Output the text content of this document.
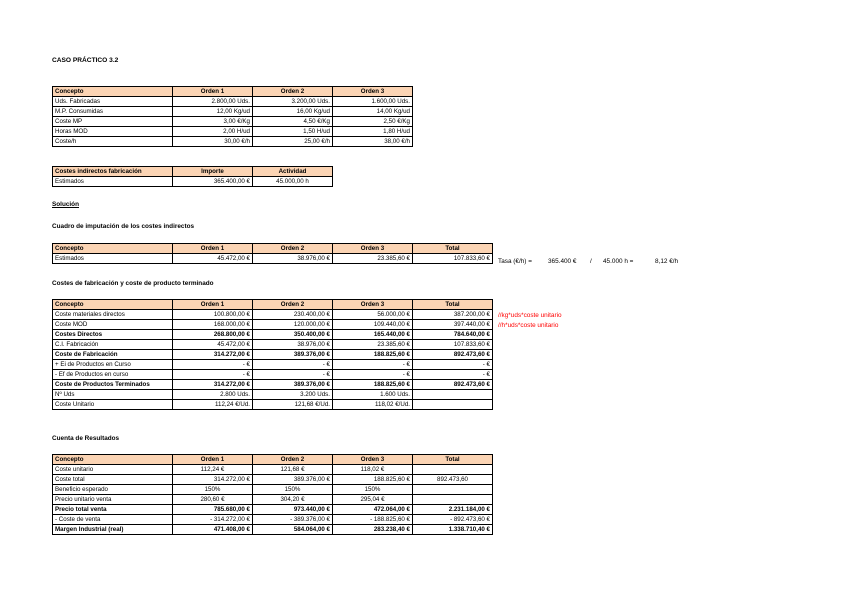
CASO PRÁCTICO 3.2
Concepto	Orden 1	Orden 2	Orden 3
Uds. Fabricadas	2.800,00 Uds.	3.200,00 Uds.	1.600,00 Uds.
M.P. Consumidas	12,00 Kg/ud	16,00 Kg/ud	14,00 Kg/ud
Coste MP	3,00 €/Kg	4,50 €/Kg	2,50 €/Kg
Horas MOD	2,00 H/ud	1,50 H/ud	1,80 H/ud
Coste/h	30,00 €/h	25,00 €/h	38,00 €/h
Costes indirectos fabricación	Importe	Actividad
Estimados	365.400,00 €	45.000,00 h
Solución
Cuadro de imputación de los costes indirectos
Concepto	Orden 1	Orden 2	Orden 3	Total
Estimados	45.472,00 €	38.976,00 €	23.385,60 €	107.833,60 € Tasa (€/h) =	365.400 € / 45.000 h =	8,12 €/h
Costes de fabricación y coste de producto terminado
Concepto	Orden 1	Orden 2	Orden 3	Total
Coste materiales directos	100.800,00 €	230.400,00 €	56.000,00 €	387.200,00 €
Coste MOD	168.000,00 €	120.000,00 €	109.440,00 €	397.440,00 €
Costes Directos	268.800,00 €	350.400,00 €	165.440,00 €	784.640,00 €
C.I. Fabricación	45.472,00 €	38.976,00 €	23.385,60 €	107.833,60 €
Coste de Fabricación	314.272,00 €	389.376,00 €	188.825,60 €	892.473,60 €
+ Ei de Productos en Curso	- €	- €	- €	- €
- Ef de Productos en curso	- €	- €	- €	- €
Coste de Productos Terminados	314.272,00 €	389.376,00 €	188.825,60 €	892.473,60 €
Nº Uds	2.800 Uds.	3.200 Uds.	1.600 Uds.	
Coste Unitario	112,24 €/Ud.	121,68 €/Ud.	118,02 €/Ud.	
//kg*uds*coste unitario
//h*uds*coste unitario
Cuenta de Resultados
Concepto	Orden 1	Orden 2	Orden 3	Total
Coste unitario	112,24 €	121,68 €	118,02 €	
Coste total	314.272,00 €	389.376,00 €	188.825,60 €	892.473,60
Beneficio esperado	150%	150%	150%	
Precio unitario venta	280,60 €	304,20 €	295,04 €	
Precio total venta	785.680,00 €	973.440,00 €	472.064,00 €	2.231.184,00 €
- Coste de venta	- 314.272,00 €	- 389.376,00 €	- 188.825,60 €	- 892.473,60 €
Margen Industrial (real)	471.408,00 €	584.064,00 €	283.238,40 €	1.338.710,40 €
